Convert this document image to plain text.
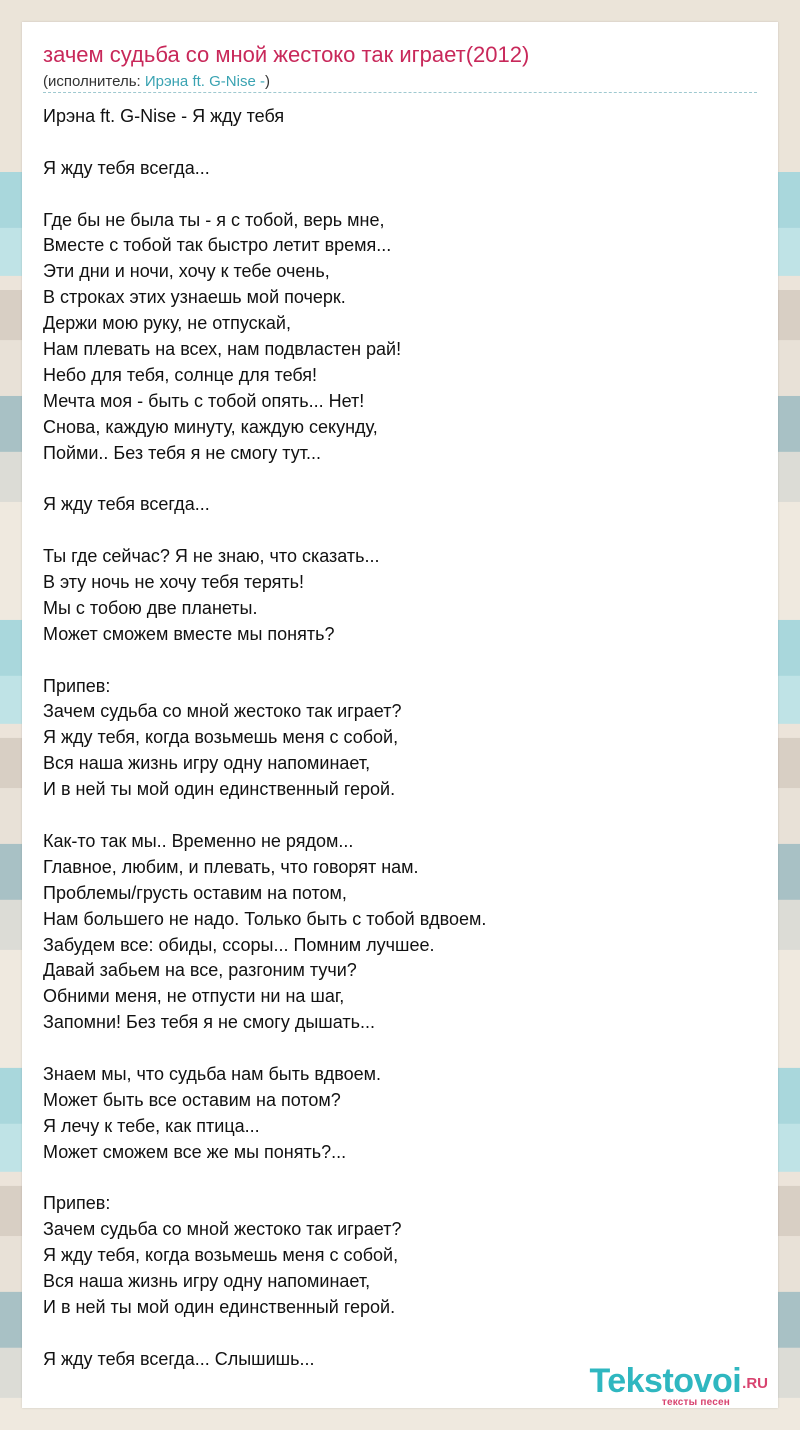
зачем судьба со мной жестоко так играет(2012)
(исполнитель: Ирэна ft. G-Nise -)
Ирэна ft. G-Nise - Я жду тебя
Я жду тебя всегда...
Где бы не была ты - я с тобой, верь мне,
Вместе с тобой так быстро летит время...
Эти дни и ночи, хочу к тебе очень,
В строках этих узнаешь мой почерк.
Держи мою руку, не отпускай,
Нам плевать на всех, нам подвластен рай!
Небо для тебя, солнце для тебя!
Мечта моя - быть с тобой опять... Нет!
Снова, каждую минуту, каждую секунду,
Пойми.. Без тебя я не смогу тут...
Я жду тебя всегда...
Ты где сейчас? Я не знаю, что сказать...
В эту ночь не хочу тебя терять!
Мы с тобою две планеты.
Может сможем вместе мы понять?
Припев:
Зачем судьба со мной жестоко так играет?
Я жду тебя, когда возьмешь меня с собой,
Вся наша жизнь игру одну напоминает,
И в ней ты мой один единственный герой.
Как-то так мы.. Временно не рядом...
Главное, любим, и плевать, что говорят нам.
Проблемы/грусть оставим на потом,
Нам большего не надо. Только быть с тобой вдвоем.
Забудем все: обиды, ссоры... Помним лучшее.
Давай забьем на все, разгоним тучи?
Обними меня, не отпусти ни на шаг,
Запомни! Без тебя я не смогу дышать...
Знаем мы, что судьба нам быть вдвоем.
Может быть все оставим на потом?
Я лечу к тебе, как птица...
Может сможем все же мы понять?...
Припев:
Зачем судьба со мной жестоко так играет?
Я жду тебя, когда возьмешь меня с собой,
Вся наша жизнь игру одну напоминает,
И в ней ты мой один единственный герой.
Я жду тебя всегда... Слышишь...
Tekstovoi.RU
тексты песен
